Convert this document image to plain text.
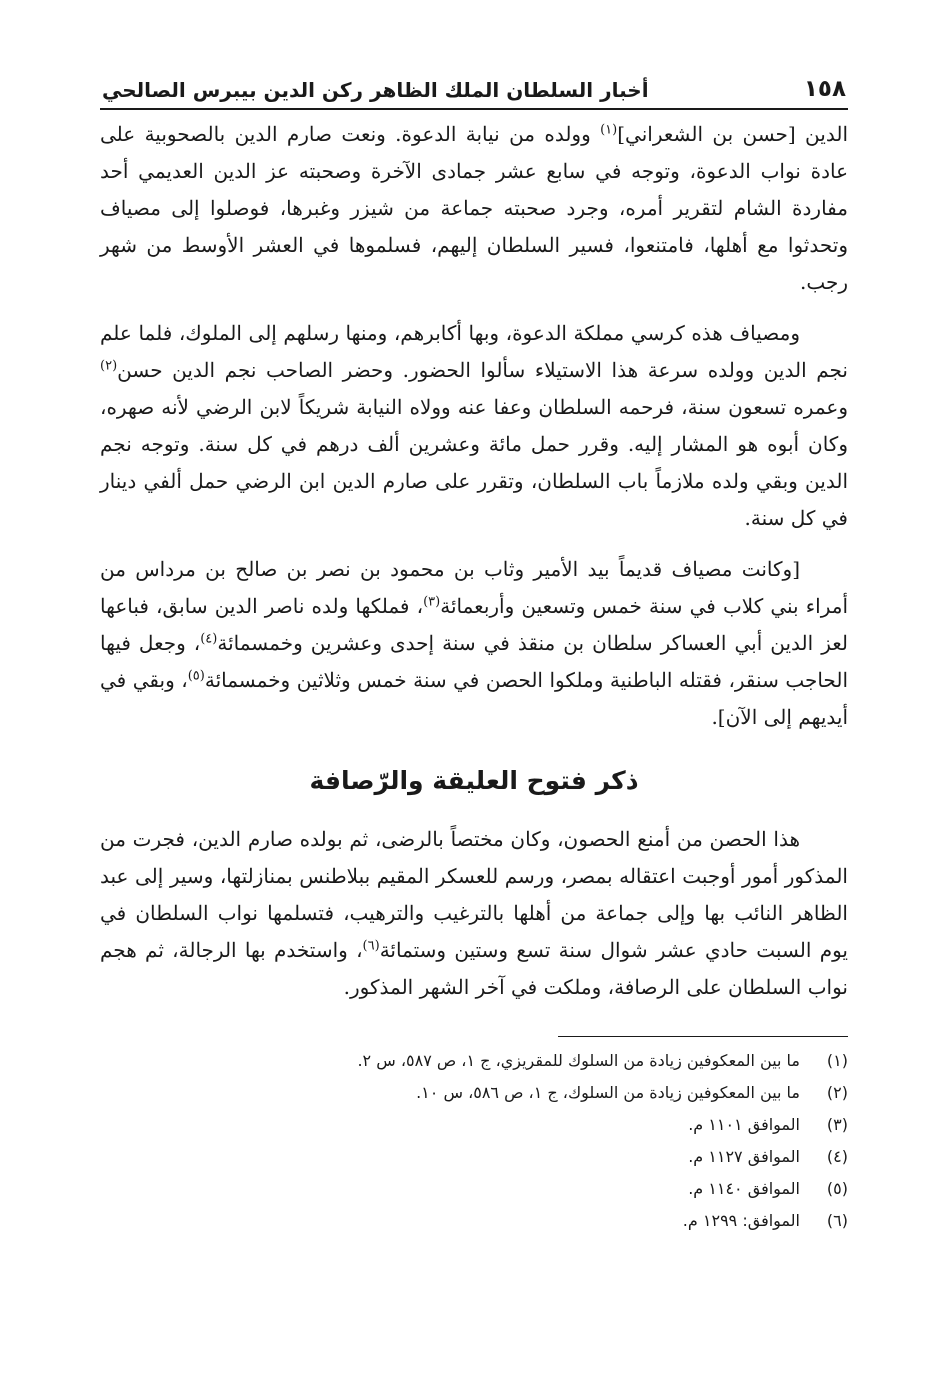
١٥٨
أخبار السلطان الملك الظاهر ركن الدين بيبرس الصالحي

الدين [حسن بن الشعراني]$^{(١)}$ وولده من نيابة الدعوة. ونعت صارم الدين بالصحوبية على عادة نواب الدعوة، وتوجه في سابع عشر جمادى الآخرة وصحبته عز الدين العديمي أحد مفاردة الشام لتقرير أمره، وجرد صحبته جماعة من شيزر وغبرها، فوصلوا إلى مصياف وتحدثوا مع أهلها، فامتنعوا، فسير السلطان إليهم، فسلموها في العشر الأوسط من شهر رجب.

ومصياف هذه كرسي مملكة الدعوة، وبها أكابرهم، ومنها رسلهم إلى الملوك، فلما علم نجم الدين وولده سرعة هذا الاستيلاء سألوا الحضور. وحضر الصاحب نجم الدين حسن$^{(٢)}$ وعمره تسعون سنة، فرحمه السلطان وعفا عنه وولاه النيابة شريكاً لابن الرضي لأنه صهره، وكان أبوه هو المشار إليه. وقرر حمل مائة وعشرين ألف درهم في كل سنة. وتوجه نجم الدين وبقي ولده ملازماً باب السلطان، وتقرر على صارم الدين ابن الرضي حمل ألفي دينار في كل سنة.

[وكانت مصياف قديماً بيد الأمير وثاب بن محمود بن نصر بن صالح بن مرداس من أمراء بني كلاب في سنة خمس وتسعين وأربعمائة$^{(٣)}$، فملكها ولده ناصر الدين سابق، فباعها لعز الدين أبي العساكر سلطان بن منقذ في سنة إحدى وعشرين وخمسمائة$^{(٤)}$، وجعل فيها الحاجب سنقر، فقتله الباطنية وملكوا الحصن في سنة خمس وثلاثين وخمسمائة$^{(٥)}$، وبقي في أيديهم إلى الآن].

ذكر فتوح العليقة والرّصافة

هذا الحصن من أمنع الحصون، وكان مختصاً بالرضى، ثم بولده صارم الدين، فجرت من المذكور أمور أوجبت اعتقاله بمصر، ورسم للعسكر المقيم ببلاطنس بمنازلتها، وسير إلى عبد الظاهر النائب بها وإلى جماعة من أهلها بالترغيب والترهيب، فتسلمها نواب السلطان في يوم السبت حادي عشر شوال سنة تسع وستين وستمائة$^{(٦)}$، واستخدم بها الرجالة، ثم هجم نواب السلطان على الرصافة، وملكت في آخر الشهر المذكور.

(١)
ما بين المعكوفين زيادة من السلوك للمقريزي، ج ١، ص ٥٨٧، س ٢.
(٢)
ما بين المعكوفين زيادة من السلوك، ج ١، ص ٥٨٦، س ١٠.
(٣)
الموافق ١١٠١ م.
(٤)
الموافق ١١٢٧ م.
(٥)
الموافق ١١٤٠ م.
(٦)
الموافق: ١٢٩٩ م.
